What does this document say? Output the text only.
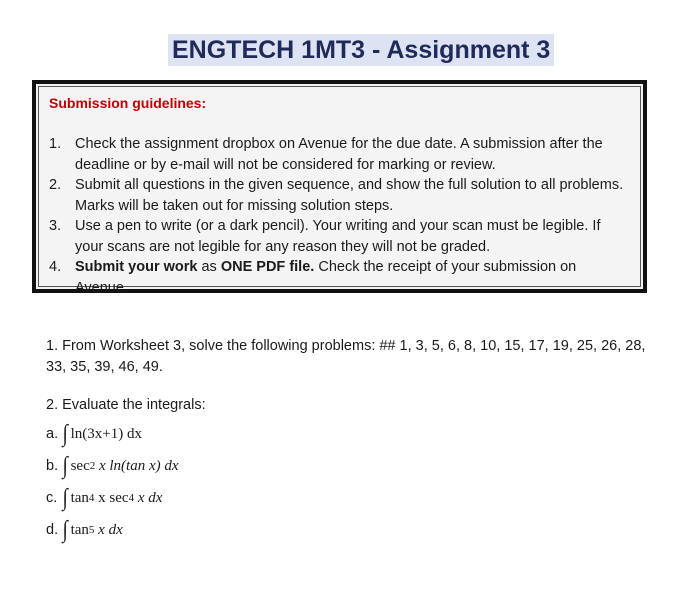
ENGTECH 1MT3 - Assignment 3
Submission guidelines:
1. Check the assignment dropbox on Avenue for the due date. A submission after the deadline or by e-mail will not be considered for marking or review.
2. Submit all questions in the given sequence, and show the full solution to all problems. Marks will be taken out for missing solution steps.
3. Use a pen to write (or a dark pencil). Your writing and your scan must be legible. If your scans are not legible for any reason they will not be graded.
4. Submit your work as ONE PDF file. Check the receipt of your submission on Avenue.
1. From Worksheet 3, solve the following problems: ## 1, 3, 5, 6, 8, 10, 15, 17, 19, 25, 26, 28, 33, 35, 39, 46, 49.
2. Evaluate the integrals:
a. ∫ ln(3x+1) dx
b. ∫ sec 2
x ln(tan x) dx
c. ∫ tan 4
x sec 4
x dx
d. ∫ tan 5
x dx
